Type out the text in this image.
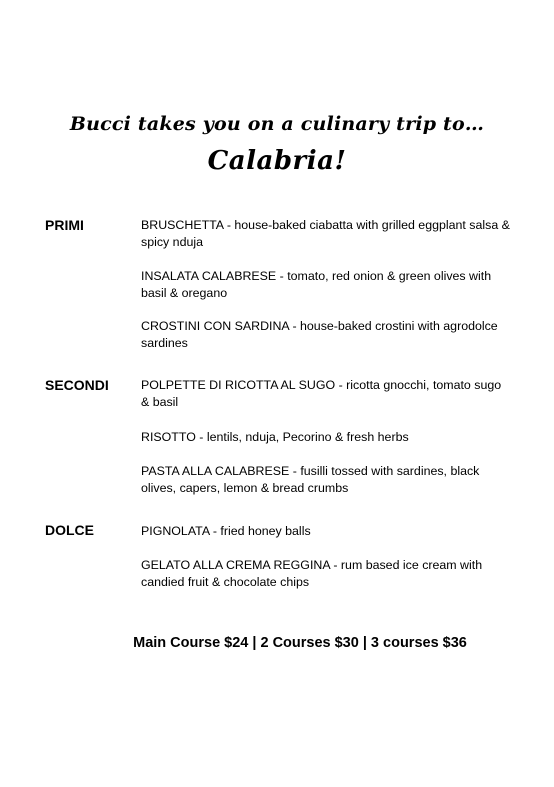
Bucci takes you on a culinary trip to…
Calabria!
PRIMI	BRUSCHETTA - house-baked ciabatta with grilled eggplant salsa & spicy nduja
INSALATA CALABRESE - tomato, red onion & green olives with basil & oregano
CROSTINI CON SARDINA - house-baked crostini with agrodolce sardines
SECONDI	POLPETTE DI RICOTTA AL SUGO - ricotta gnocchi, tomato sugo & basil
RISOTTO - lentils, nduja, Pecorino & fresh herbs
PASTA ALLA CALABRESE - fusilli tossed with sardines, black olives, capers, lemon & bread crumbs
DOLCE	PIGNOLATA - fried honey balls
GELATO ALLA CREMA REGGINA - rum based ice cream with candied fruit & chocolate chips
Main Course $24 | 2 Courses $30 | 3 courses $36
